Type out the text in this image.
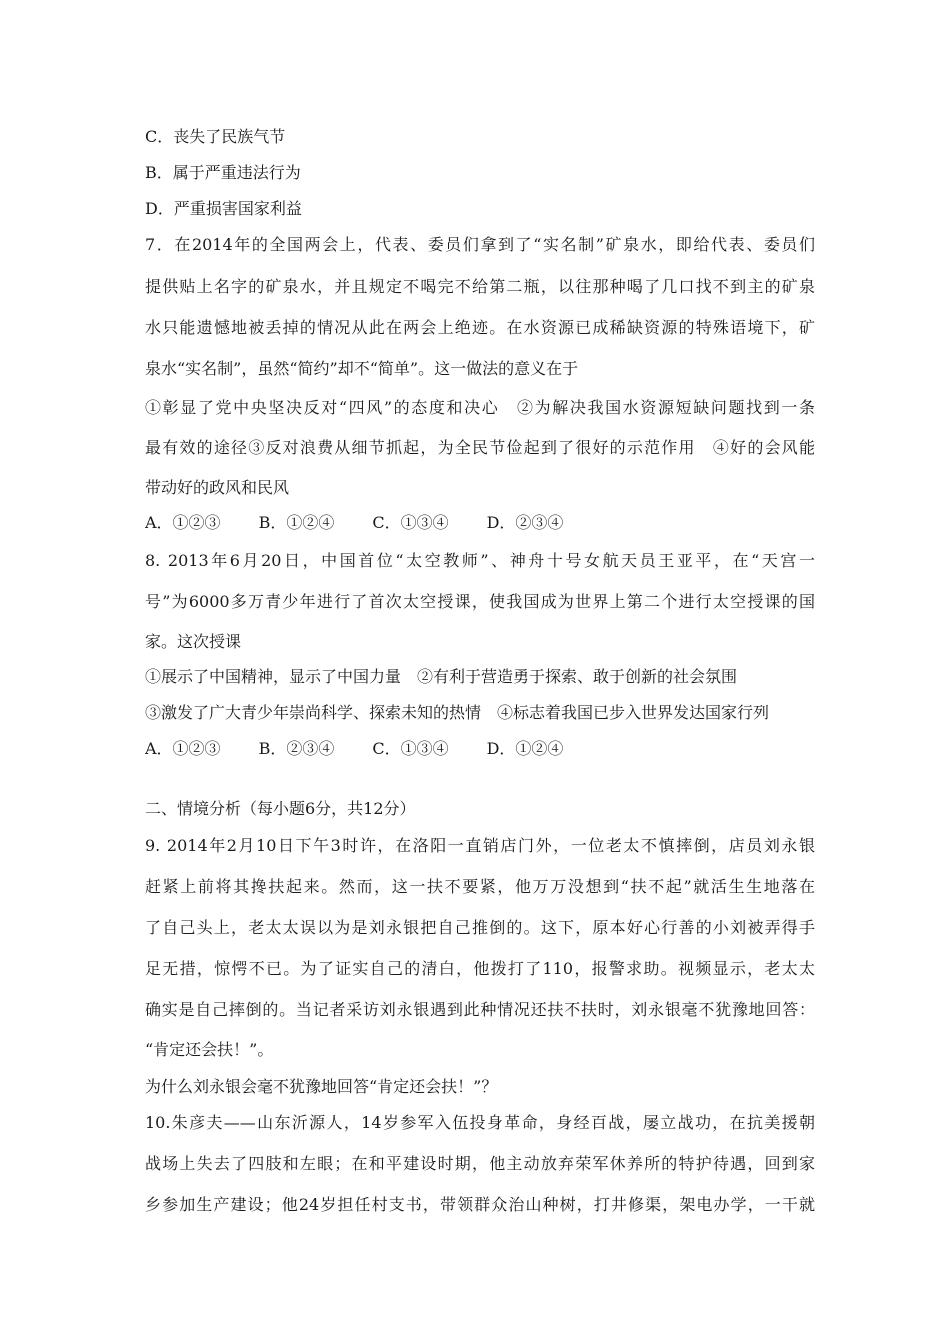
C．丧失了民族气节
B．属于严重违法行为
D．严重损害国家利益
7．在2014年的全国两会上，代表、委员们拿到了“实名制”矿泉水，即给代表、委员们
提供贴上名字的矿泉水，并且规定不喝完不给第二瓶，以往那种喝了几口找不到主的矿泉
水只能遗憾地被丢掉的情况从此在两会上绝迹。在水资源已成稀缺资源的特殊语境下，矿
泉水“实名制”，虽然“简约”却不“简单”。这一做法的意义在于
①彰显了党中央坚决反对“四风”的态度和决心　②为解决我国水资源短缺问题找到一条
最有效的途径③反对浪费从细节抓起，为全民节俭起到了很好的示范作用　④好的会风能
带动好的政风和民风
A．①②③ B．①②④ C．①③④ D．②③④
8. 2013年6月20日，中国首位“太空教师”、神舟十号女航天员王亚平，在“天宫一
号”为6000多万青少年进行了首次太空授课，使我国成为世界上第二个进行太空授课的国
家。这次授课
①展示了中国精神，显示了中国力量　②有利于营造勇于探索、敢于创新的社会氛围
③激发了广大青少年崇尚科学、探索未知的热情　④标志着我国已步入世界发达国家行列
A．①②③ B．②③④ C．①③④ D．①②④
二、情境分析（每小题6分，共12分）
9. 2014年2月10日下午3时许，在洛阳一直销店门外，一位老太不慎摔倒，店员刘永银
赶紧上前将其搀扶起来。然而，这一扶不要紧，他万万没想到“扶不起”就活生生地落在
了自己头上，老太太误以为是刘永银把自己推倒的。这下，原本好心行善的小刘被弄得手
足无措，惊愕不已。为了证实自己的清白，他拨打了110，报警求助。视频显示，老太太
确实是自己摔倒的。当记者采访刘永银遇到此种情况还扶不扶时，刘永银毫不犹豫地回答：
“肯定还会扶！”。
为什么刘永银会毫不犹豫地回答“肯定还会扶！”？
10.朱彦夫——山东沂源人，14岁参军入伍投身革命，身经百战，屡立战功，在抗美援朝
战场上失去了四肢和左眼；在和平建设时期，他主动放弃荣军休养所的特护待遇，回到家
乡参加生产建设；他24岁担任村支书，带领群众治山种树，打井修渠，架电办学，一干就
